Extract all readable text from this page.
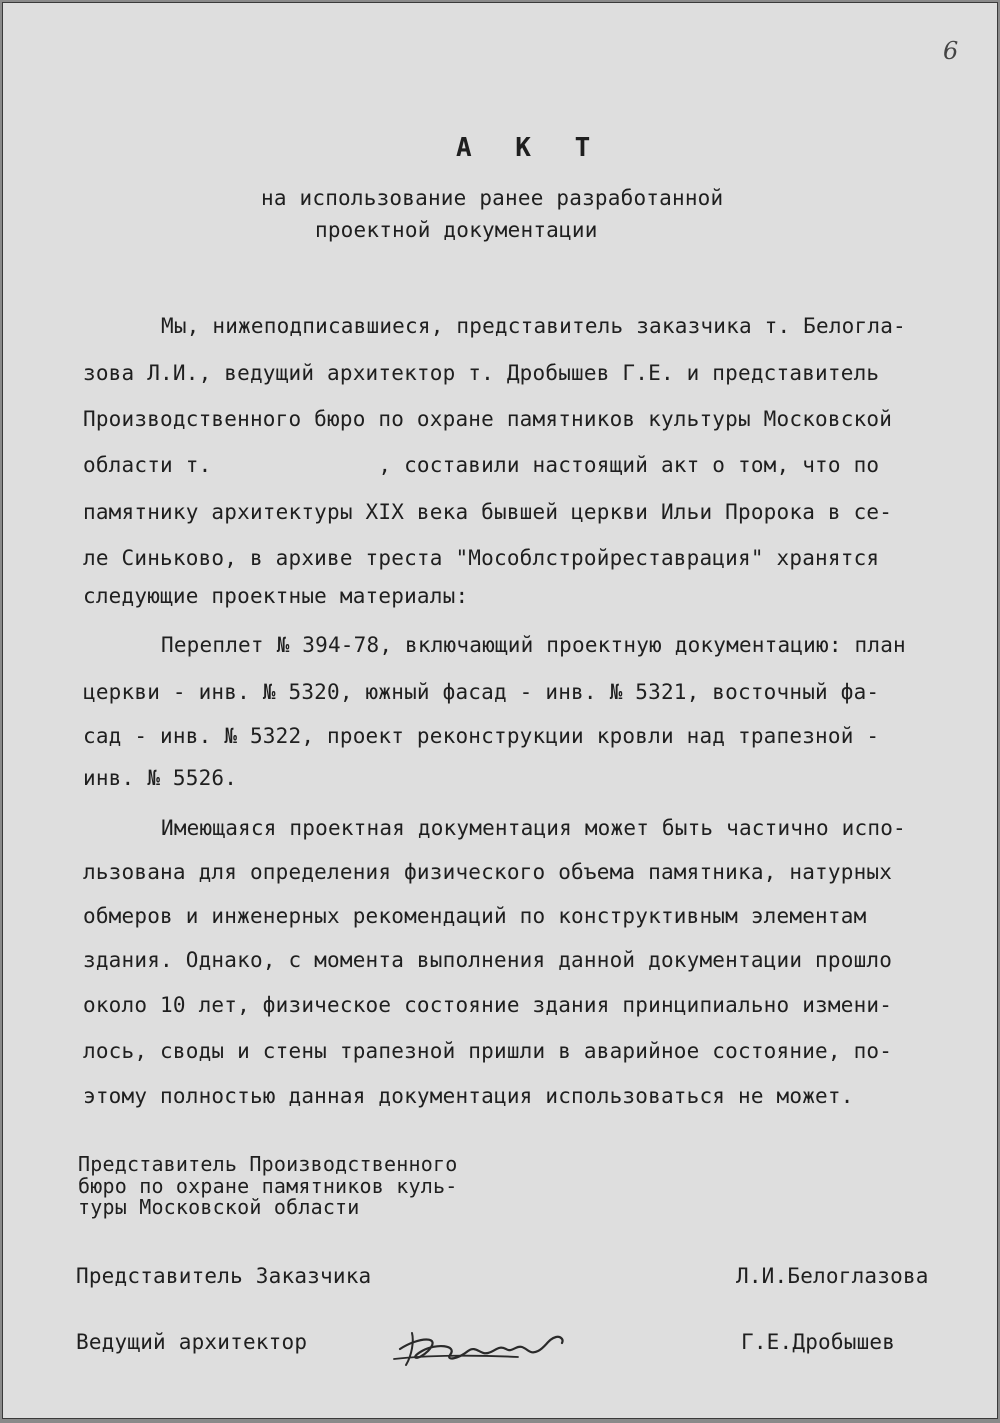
6
А К Т
на использование ранее разработанной
проектной документации
Мы, нижеподписавшиеся, представитель заказчика т. Белогла-
зова Л.И., ведущий архитектор т. Дробышев Г.Е. и представитель
Производственного бюро по охране памятников культуры Московской
области т.             , составили настоящий акт о том, что по
памятнику архитектуры XIX века бывшей церкви Ильи Пророка в се-
ле Синьково, в архиве треста "Мособлстройреставрация" хранятся
следующие проектные материалы:
Переплет № 394-78, включающий проектную документацию: план
церкви - инв. № 5320, южный фасад - инв. № 5321, восточный фа-
сад - инв. № 5322, проект реконструкции кровли над трапезной -
инв. № 5526.
Имеющаяся проектная документация может быть частично испо-
льзована для определения физического объема памятника, натурных
обмеров и инженерных рекомендаций по конструктивным элементам
здания. Однако, с момента выполнения данной документации прошло
около 10 лет, физическое состояние здания принципиально измени-
лось, своды и стены трапезной пришли в аварийное состояние, по-
этому полностью данная документация использоваться не может.
Представитель Производственного
бюро по охране памятников куль-
туры Московской области
Представитель Заказчика	Л.И.Белоглазова
Ведущий архитектор	Г.Е.Дробышев
